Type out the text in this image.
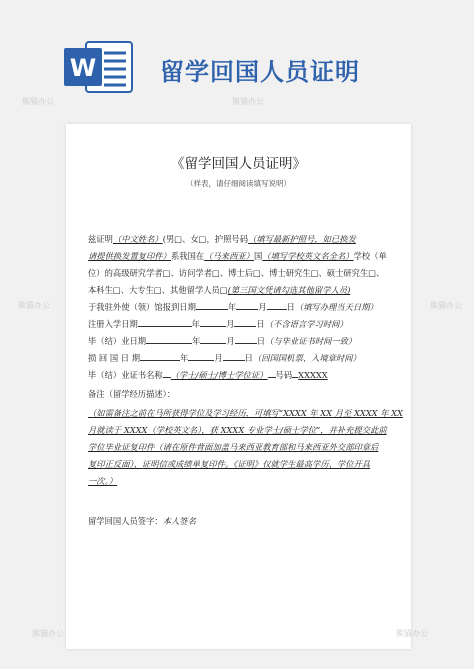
W	留学回国人员证明
《留学回国人员证明》
（样表，请仔细阅读填写说明）
兹证明（中文姓名）(男□、女□，护照号码（填写最新护照号，如已换发
请提供换发置复印件）系我国在（马来西亚）国（填写学校英文名全名）学校（单
位）的高级研究学者□、访问学者□、博士后□、博士研究生□、硕士研究生□、
本科生□、大专生□、其他留学人员□(第三国文凭请勾选其他留学人员)
于我驻外使（领）馆报到日期	年	月 日（填写办理当天日期）
注册入学日期	年	月	日（不含语言学习时间）
毕（结）业日期	年	月	日（与毕业证书时间一致）
损 回 国 日 期	年	月	日（回国国机票、入境章时间）
毕（结）业证书名称 （学士/硕士/博士学位证） 号码 XXXXX
备注（留学经历描述）：
（如需备注之前在马所获得学位及学习经历，可填写“XXXX 年 XX 月至 XXXX 年 XX
月就读于 XXXX（学校英文名），获 XXXX 专业学士/硕士学位”，并补充提交此前
学位毕业证复印件（请在原件背面加盖马来西亚教育部和马来西亚外交部印章后
复印正反面）、证明信或成绩单复印件。《证明》仅就学生最高学历、学位开具
一次。）
留学回国人员签字：本人签名
熊猫办公	熊猫办公
熊猫办公	熊猫办公
熊猫办公	熊猫办公
